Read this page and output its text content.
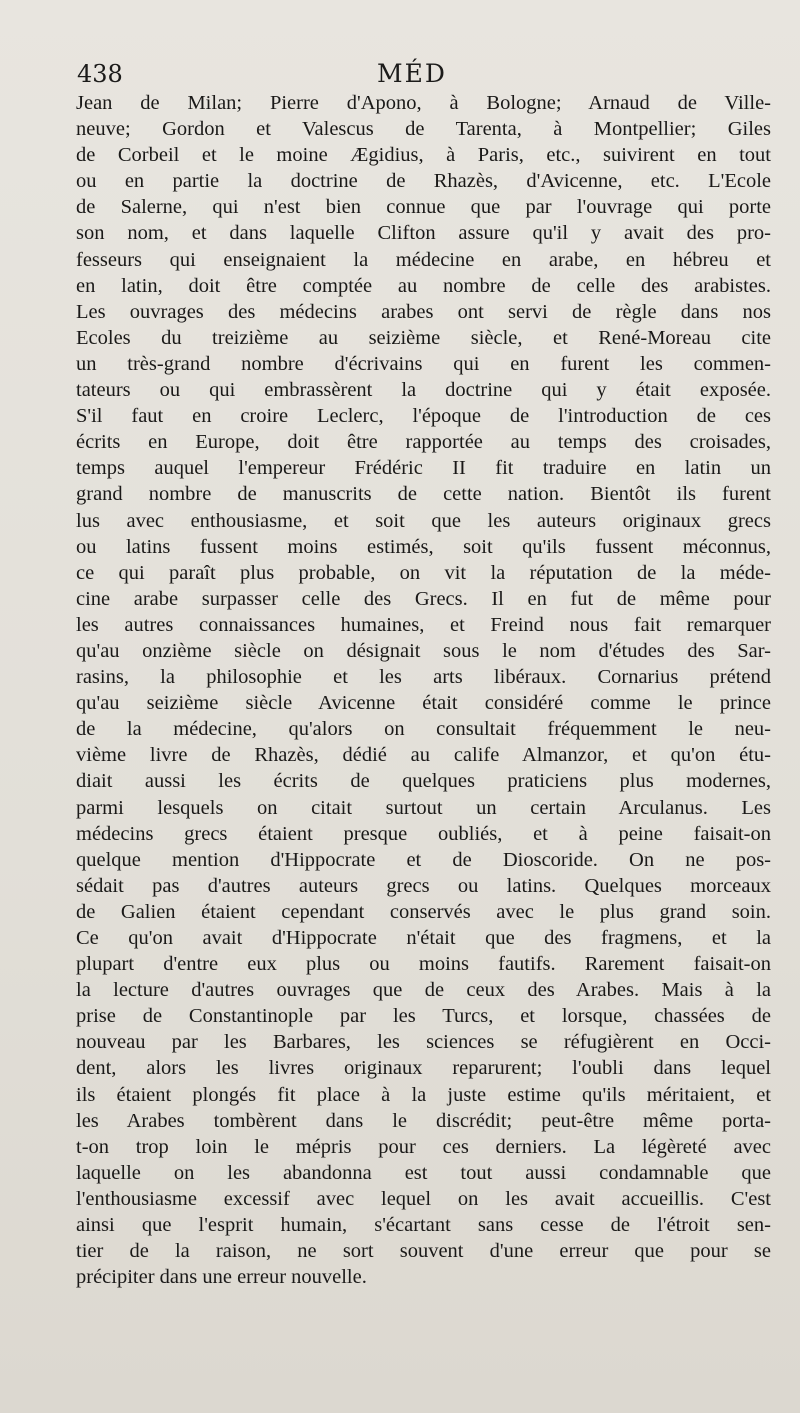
438	MÉD
Jean de Milan; Pierre d'Apono, à Bologne; Arnaud de Ville-
neuve; Gordon et Valescus de Tarenta, à Montpellier; Giles
de Corbeil et le moine Ægidius, à Paris, etc., suivirent en tout
ou en partie la doctrine de Rhazès, d'Avicenne, etc. L'Ecole
de Salerne, qui n'est bien connue que par l'ouvrage qui porte
son nom, et dans laquelle Clifton assure qu'il y avait des pro-
fesseurs qui enseignaient la médecine en arabe, en hébreu et
en latin, doit être comptée au nombre de celle des arabistes.
Les ouvrages des médecins arabes ont servi de règle dans nos
Ecoles du treizième au seizième siècle, et René-Moreau cite
un très-grand nombre d'écrivains qui en furent les commen-
tateurs ou qui embrassèrent la doctrine qui y était exposée.
S'il faut en croire Leclerc, l'époque de l'introduction de ces
écrits en Europe, doit être rapportée au temps des croisades,
temps auquel l'empereur Frédéric II fit traduire en latin un
grand nombre de manuscrits de cette nation. Bientôt ils furent
lus avec enthousiasme, et soit que les auteurs originaux grecs
ou latins fussent moins estimés, soit qu'ils fussent méconnus,
ce qui paraît plus probable, on vit la réputation de la méde-
cine arabe surpasser celle des Grecs. Il en fut de même pour
les autres connaissances humaines, et Freind nous fait remarquer
qu'au onzième siècle on désignait sous le nom d'études des Sar-
rasins, la philosophie et les arts libéraux. Cornarius prétend
qu'au seizième siècle Avicenne était considéré comme le prince
de la médecine, qu'alors on consultait fréquemment le neu-
vième livre de Rhazès, dédié au calife Almanzor, et qu'on étu-
diait aussi les écrits de quelques praticiens plus modernes,
parmi lesquels on citait surtout un certain Arculanus. Les
médecins grecs étaient presque oubliés, et à peine faisait-on
quelque mention d'Hippocrate et de Dioscoride. On ne pos-
sédait pas d'autres auteurs grecs ou latins. Quelques morceaux
de Galien étaient cependant conservés avec le plus grand soin.
Ce qu'on avait d'Hippocrate n'était que des fragmens, et la
plupart d'entre eux plus ou moins fautifs. Rarement faisait-on
la lecture d'autres ouvrages que de ceux des Arabes. Mais à la
prise de Constantinople par les Turcs, et lorsque, chassées de
nouveau par les Barbares, les sciences se réfugièrent en Occi-
dent, alors les livres originaux reparurent; l'oubli dans lequel
ils étaient plongés fit place à la juste estime qu'ils méritaient, et
les Arabes tombèrent dans le discrédit; peut-être même porta-
t-on trop loin le mépris pour ces derniers. La légèreté avec
laquelle on les abandonna est tout aussi condamnable que
l'enthousiasme excessif avec lequel on les avait accueillis. C'est
ainsi que l'esprit humain, s'écartant sans cesse de l'étroit sen-
tier de la raison, ne sort souvent d'une erreur que pour se
précipiter dans une erreur nouvelle.
